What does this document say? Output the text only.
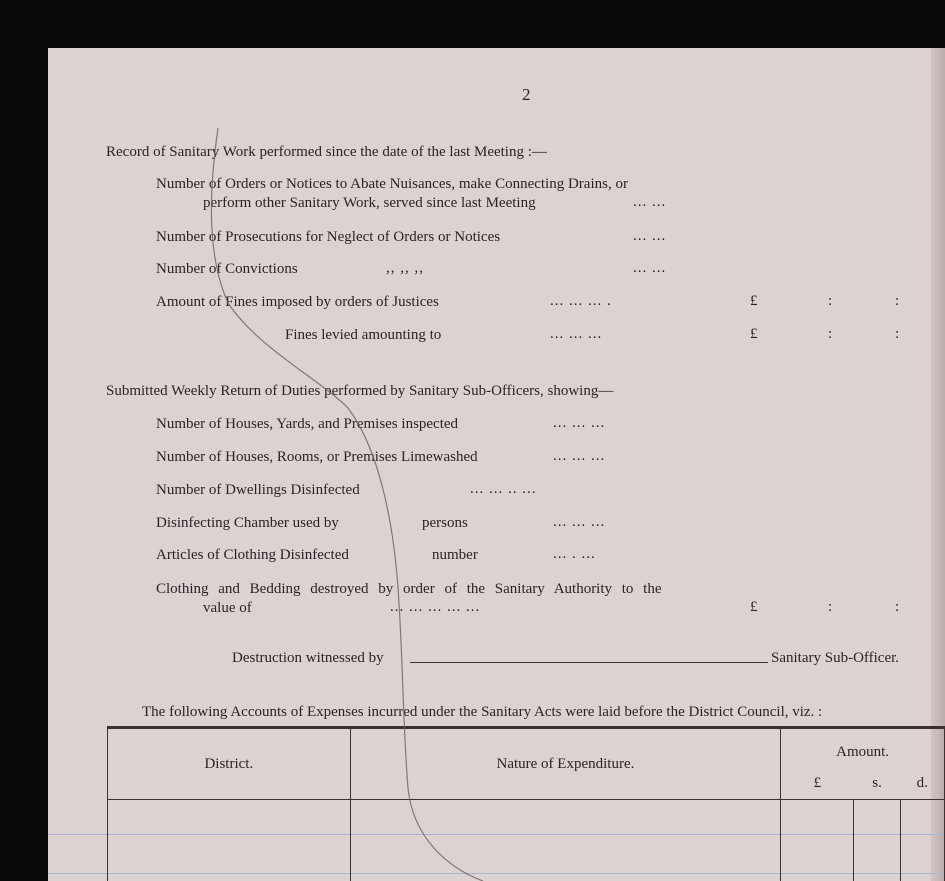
2
Record of Sanitary Work performed since the date of the last Meeting :—
Number of Orders or Notices to Abate Nuisances, make Connecting Drains, or
perform other Sanitary Work, served since last Meeting	... ...
Number of Prosecutions for Neglect of Orders or Notices	... ...
Number of Convictions	,, ,, ,,	... ...
Amount of Fines imposed by orders of Justices	... ... ... .	£	:	:
Fines levied amounting to	... ... ...	£	:	:
Submitted Weekly Return of Duties performed by Sanitary Sub-Officers, showing—
Number of Houses, Yards, and Premises inspected	... ... ...
Number of Houses, Rooms, or Premises Limewashed	... ... ...
Number of Dwellings Disinfected	... ... .. ...
Disinfecting Chamber used by	persons	... ... ...
Articles of Clothing Disinfected	number	... . ...
Clothing and Bedding destroyed by order of the Sanitary Authority to the
value of	... ... ... ... ...	£	:	:
Destruction witnessed by	Sanitary Sub-Officer.
The following Accounts of Expenses incurred under the Sanitary Acts were laid before the District Council, viz. :
District.	Nature of Expenditure.	Amount.		
		£	s.	d.
